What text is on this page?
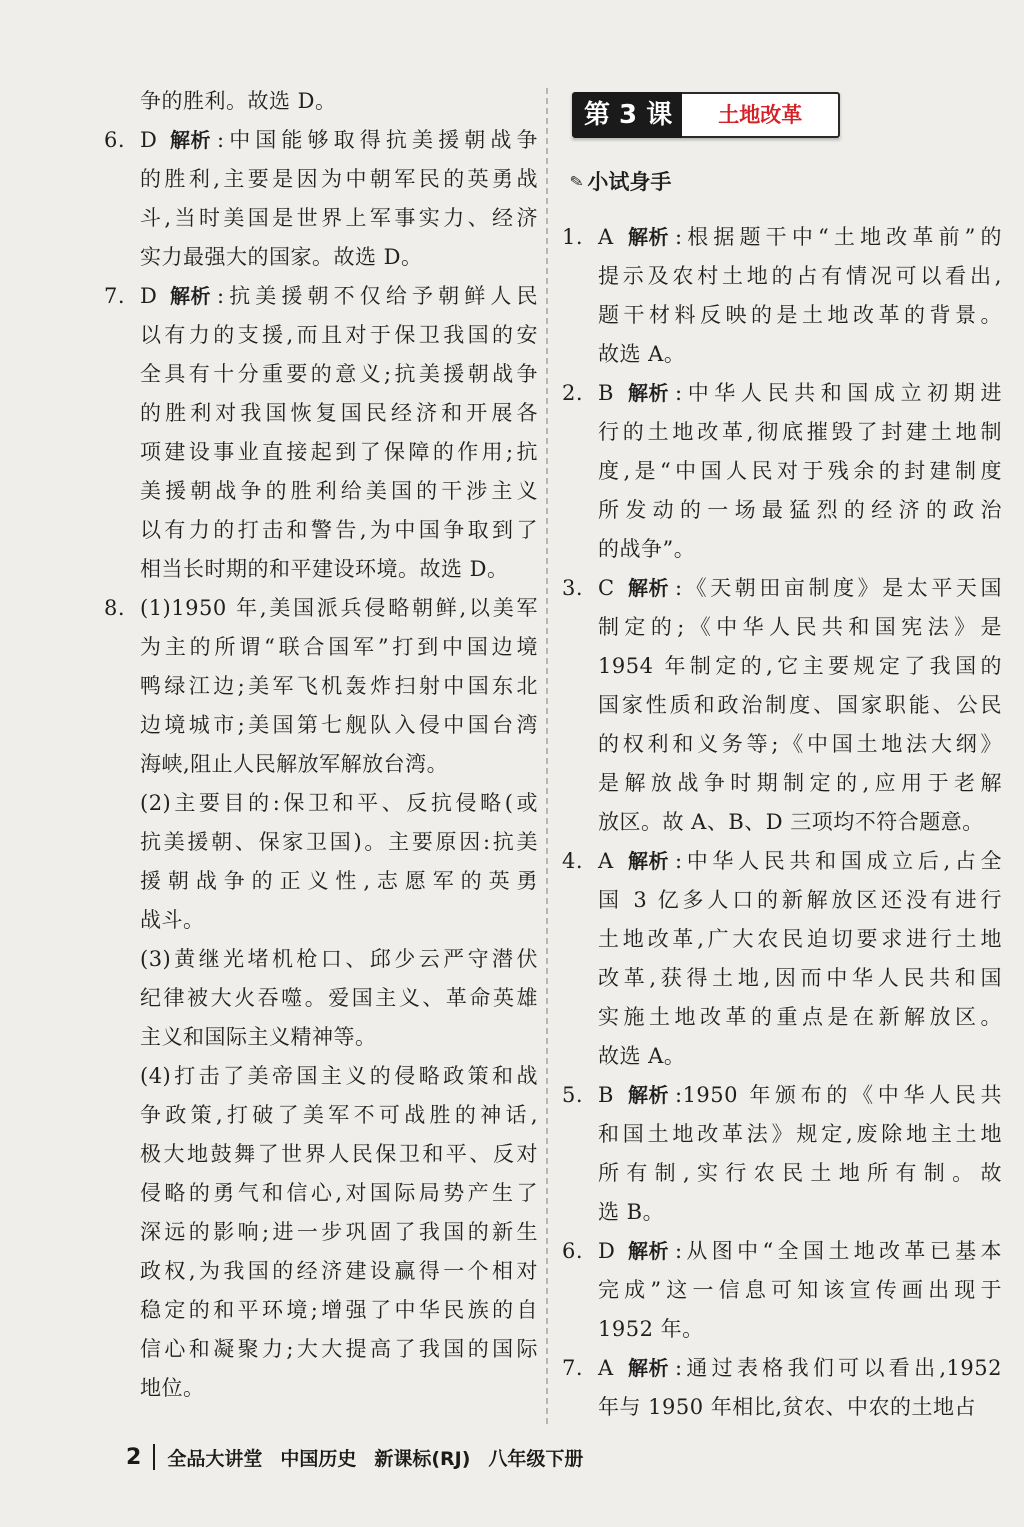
争的胜利。故选 D。
6. D 解析 :中国能够取得抗美援朝战争
的胜利,主要是因为中朝军民的英勇战
斗,当时美国是世界上军事实力、经济
实力最强大的国家。故选 D。
7. D 解析 :抗美援朝不仅给予朝鲜人民
以有力的支援,而且对于保卫我国的安
全具有十分重要的意义;抗美援朝战争
的胜利对我国恢复国民经济和开展各
项建设事业直接起到了保障的作用;抗
美援朝战争的胜利给美国的干涉主义
以有力的打击和警告,为中国争取到了
相当长时期的和平建设环境。故选 D。
8. (1)1950 年,美国派兵侵略朝鲜,以美军
为主的所谓“联合国军”打到中国边境
鸭绿江边;美军飞机轰炸扫射中国东北
边境城市;美国第七舰队入侵中国台湾
海峡,阻止人民解放军解放台湾。
(2)主要目的:保卫和平、反抗侵略(或
抗美援朝、保家卫国)。主要原因:抗美
援朝战争的正义性,志愿军的英勇
战斗。
(3)黄继光堵机枪口、邱少云严守潜伏
纪律被大火吞噬。爱国主义、革命英雄
主义和国际主义精神等。
(4)打击了美帝国主义的侵略政策和战
争政策,打破了美军不可战胜的神话,
极大地鼓舞了世界人民保卫和平、反对
侵略的勇气和信心,对国际局势产生了
深远的影响;进一步巩固了我国的新生
政权,为我国的经济建设赢得一个相对
稳定的和平环境;增强了中华民族的自
信心和凝聚力;大大提高了我国的国际
地位。
第 3 课	土地改革
✎ 小试身手
1. A 解析 :根据题干中“土地改革前”的
提示及农村土地的占有情况可以看出,
题干材料反映的是土地改革的背景。
故选 A。
2. B 解析 :中华人民共和国成立初期进
行的土地改革,彻底摧毁了封建土地制
度,是“中国人民对于残余的封建制度
所发动的一场最猛烈的经济的政治
的战争”。
3. C 解析 :《天朝田亩制度》是太平天国
制定的;《中华人民共和国宪法》是
1954 年制定的,它主要规定了我国的
国家性质和政治制度、国家职能、公民
的权利和义务等;《中国土地法大纲》
是解放战争时期制定的,应用于老解
放区。故 A、B、D 三项均不符合题意。
4. A 解析 :中华人民共和国成立后,占全
国 3 亿多人口的新解放区还没有进行
土地改革,广大农民迫切要求进行土地
改革,获得土地,因而中华人民共和国
实施土地改革的重点是在新解放区。
故选 A。
5. B 解析 :1950 年颁布的《中华人民共
和国土地改革法》规定,废除地主土地
所有制,实行农民土地所有制。故
选 B。
6. D 解析 :从图中“全国土地改革已基本
完成”这一信息可知该宣传画出现于
1952 年。
7. A 解析 :通过表格我们可以看出,1952
年与 1950 年相比,贫农、中农的土地占
2 全品大讲堂 中国历史 新课标(RJ) 八年级下册
